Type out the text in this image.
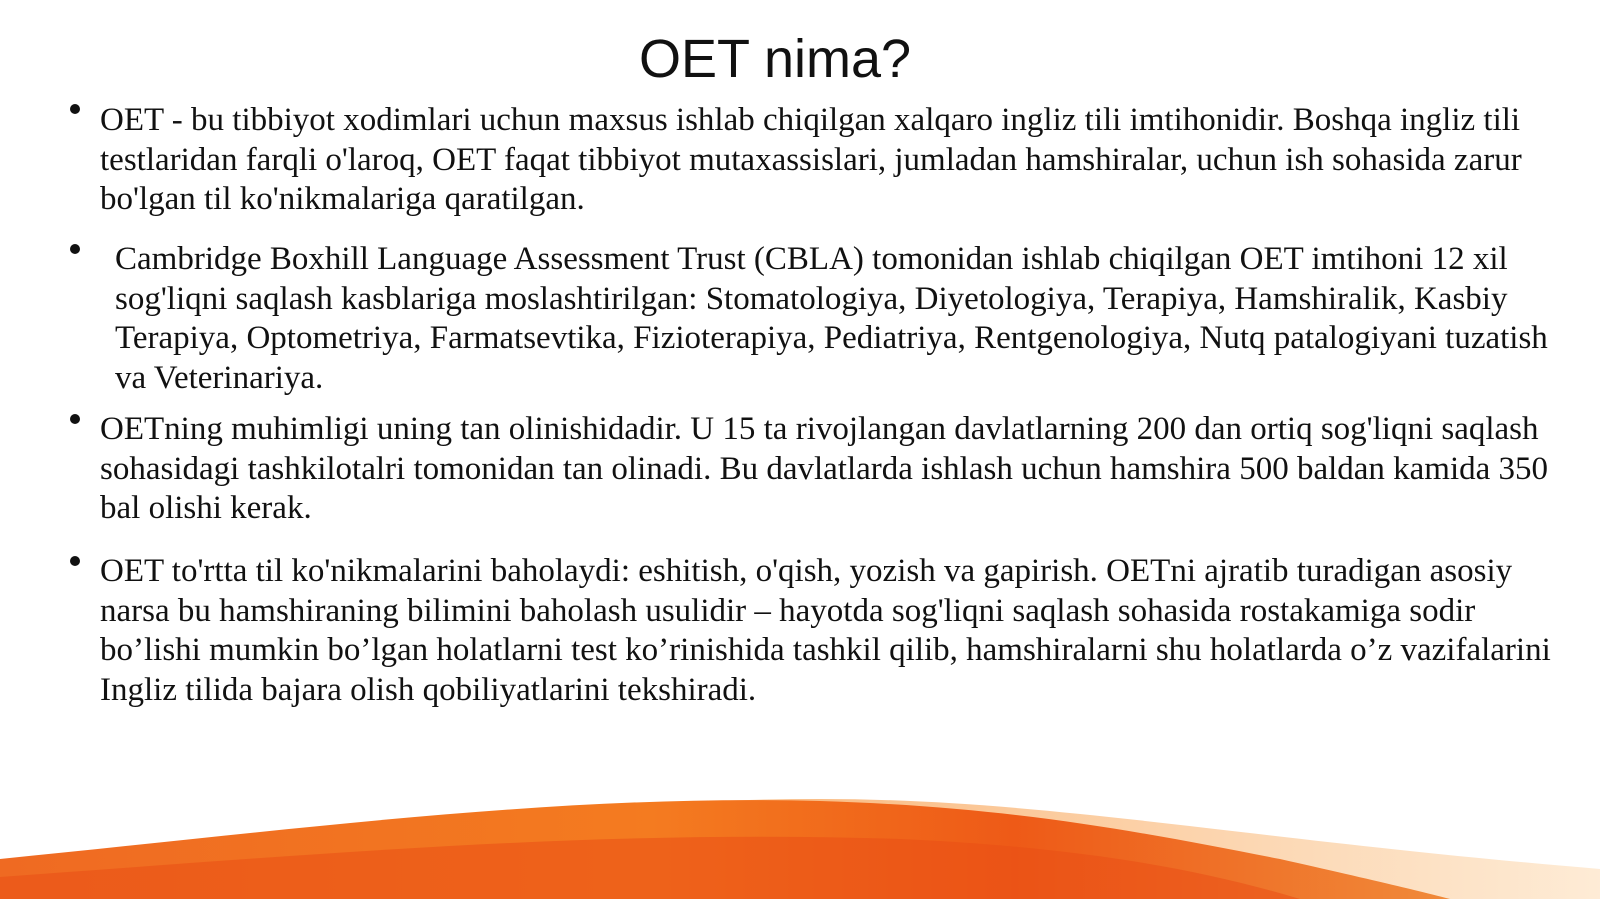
OET nima?
OET - bu tibbiyot xodimlari uchun maxsus ishlab chiqilgan xalqaro ingliz tili imtihonidir. Boshqa ingliz tili testlaridan farqli o'laroq, OET faqat tibbiyot mutaxassislari, jumladan hamshiralar, uchun ish sohasida zarur bo'lgan til ko'nikmalariga qaratilgan.
Cambridge Boxhill Language Assessment Trust (CBLA) tomonidan ishlab chiqilgan OET imtihoni 12 xil sog'liqni saqlash kasblariga moslashtirilgan: Stomatologiya, Diyetologiya, Terapiya, Hamshiralik, Kasbiy Terapiya, Optometriya, Farmatsevtika, Fizioterapiya, Pediatriya, Rentgenologiya, Nutq patalogiyani tuzatish va Veterinariya.
OETning muhimligi uning tan olinishidadir. U 15 ta rivojlangan davlatlarning 200 dan ortiq sog'liqni saqlash sohasidagi tashkilotalri tomonidan tan olinadi. Bu davlatlarda ishlash uchun hamshira 500 baldan kamida 350 bal olishi kerak.
OET to'rtta til ko'nikmalarini baholaydi: eshitish, o'qish, yozish va gapirish. OETni ajratib turadigan asosiy narsa bu hamshiraning bilimini baholash usulidir – hayotda sog'liqni saqlash sohasida rostakamiga sodir bo’lishi mumkin bo’lgan holatlarni test ko’rinishida tashkil qilib, hamshiralarni shu holatlarda o’z vazifalarini Ingliz tilida bajara olish qobiliyatlarini tekshiradi.
